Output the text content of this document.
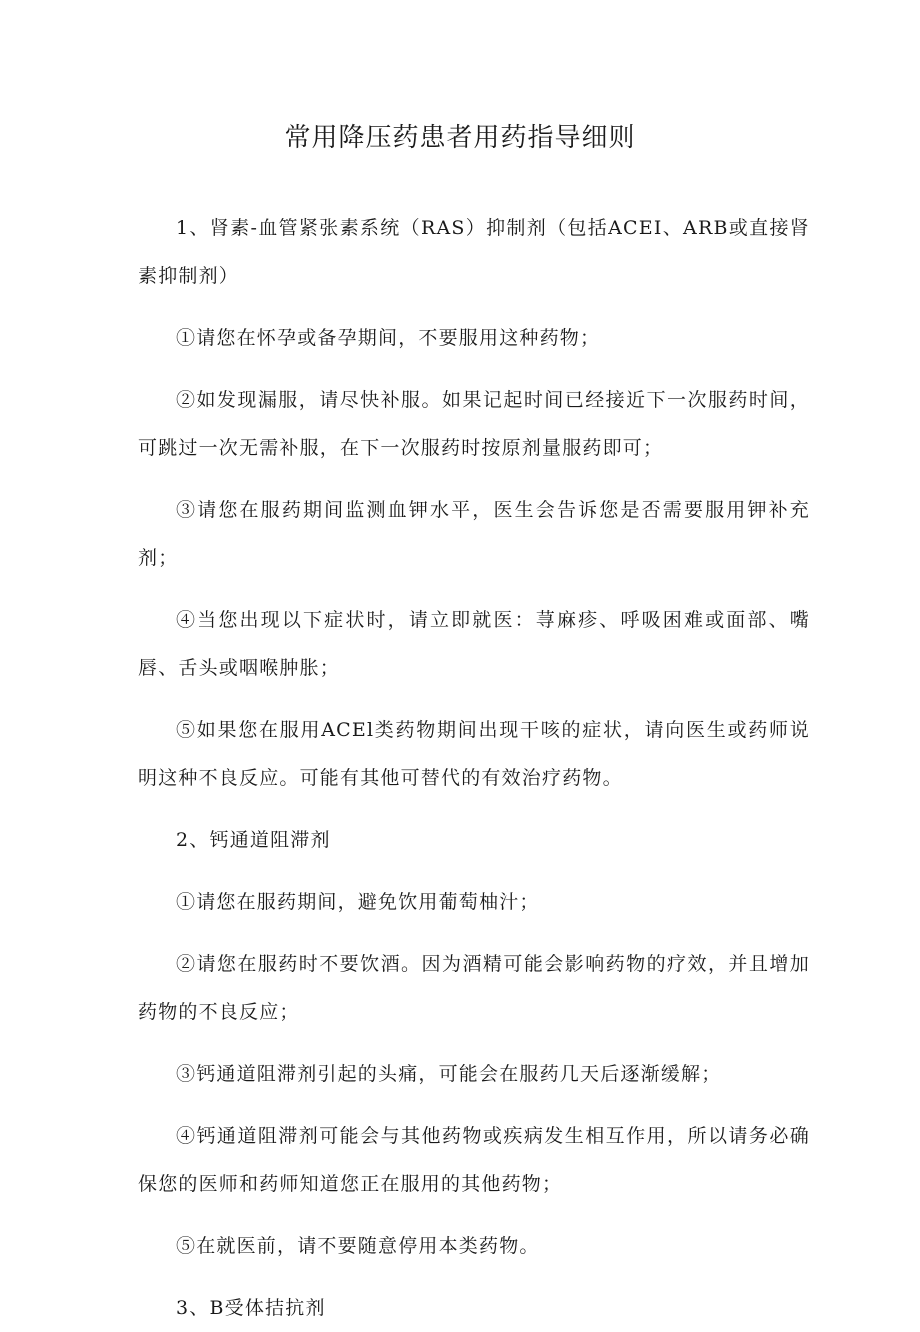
常用降压药患者用药指导细则

1、肾素-血管紧张素系统（RAS）抑制剂（包括ACEI、ARB或直接肾素抑制剂）

①请您在怀孕或备孕期间，不要服用这种药物；

②如发现漏服，请尽快补服。如果记起时间已经接近下一次服药时间，可跳过一次无需补服，在下一次服药时按原剂量服药即可；

③请您在服药期间监测血钾水平，医生会告诉您是否需要服用钾补充剂；

④当您出现以下症状时，请立即就医：荨麻疹、呼吸困难或面部、嘴唇、舌头或咽喉肿胀；

⑤如果您在服用ACEl类药物期间出现干咳的症状，请向医生或药师说明这种不良反应。可能有其他可替代的有效治疗药物。

2、钙通道阻滞剂

①请您在服药期间，避免饮用葡萄柚汁；

②请您在服药时不要饮酒。因为酒精可能会影响药物的疗效，并且增加药物的不良反应；

③钙通道阻滞剂引起的头痛，可能会在服药几天后逐渐缓解；

④钙通道阻滞剂可能会与其他药物或疾病发生相互作用，所以请务必确保您的医师和药师知道您正在服用的其他药物；

⑤在就医前，请不要随意停用本类药物。

3、B受体拮抗剂
